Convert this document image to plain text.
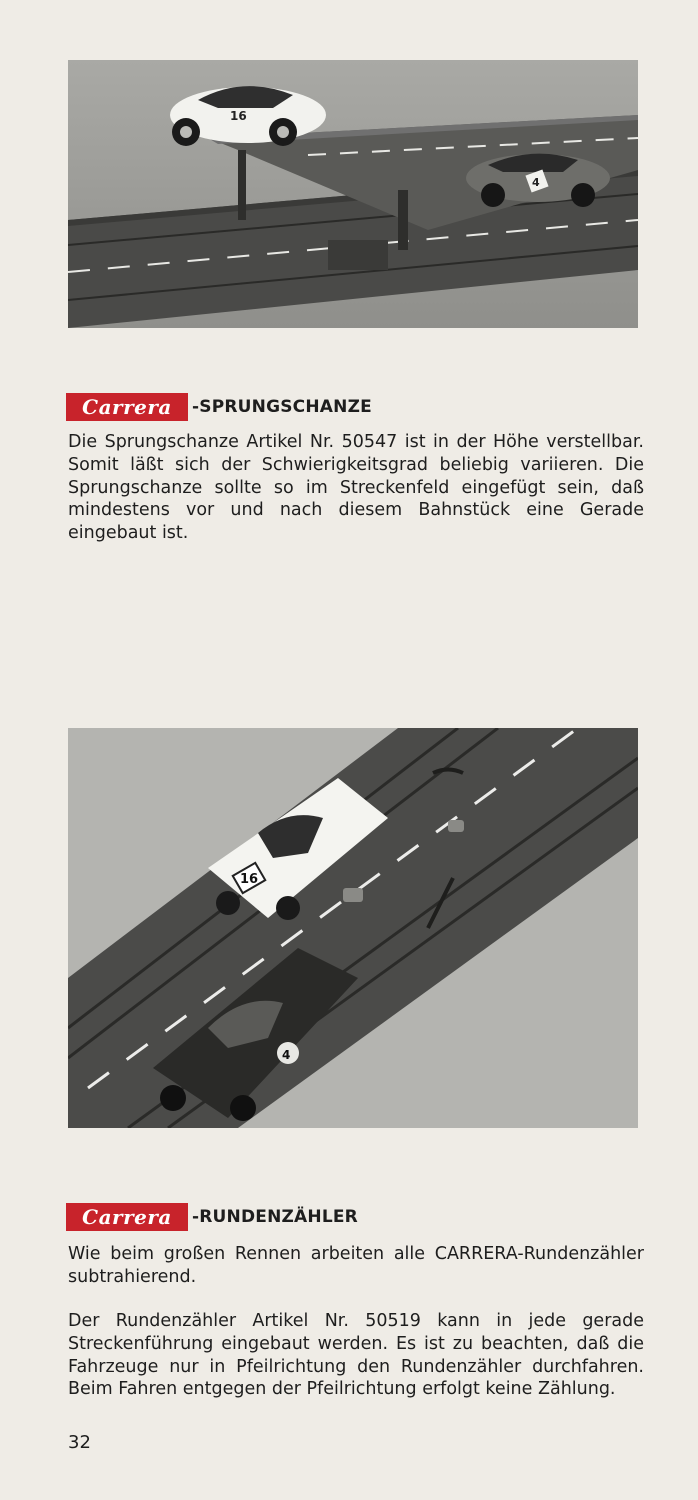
16
4
Carrera	-SPRUNGSCHANZE

Die Sprungschanze Artikel Nr. 50547 ist in der Höhe verstellbar. Somit läßt sich der Schwierigkeitsgrad beliebig variieren. Die Sprungschanze sollte so im Streckenfeld eingefügt sein, daß mindestens vor und nach diesem Bahnstück eine Gerade eingebaut ist.

16
4
Carrera	-RUNDENZÄHLER

Wie beim großen Rennen arbeiten alle CARRERA-Rundenzähler subtrahierend.

Der Rundenzähler Artikel Nr. 50519 kann in jede gerade Streckenführung eingebaut werden. Es ist zu beachten, daß die Fahrzeuge nur in Pfeilrichtung den Rundenzähler durchfahren. Beim Fahren entgegen der Pfeilrichtung erfolgt keine Zählung.

32
